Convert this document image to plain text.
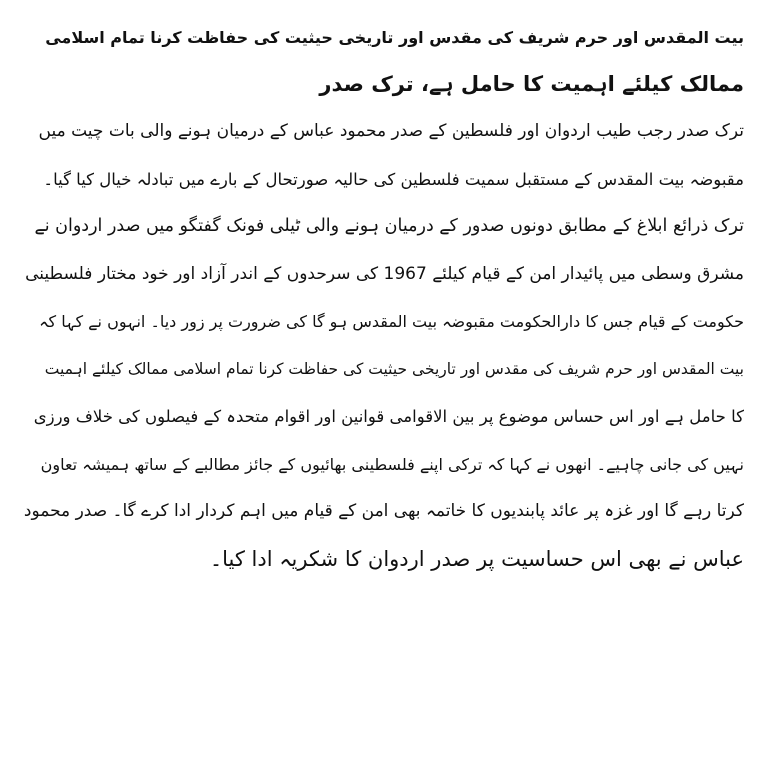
بیت المقدس اور حرم شریف کی مقدس اور تاریخی حیثیت کی حفاظت کرنا تمام اسلامی
ممالک کیلئے اہمیت کا حامل ہے، ترک صدر
ترک صدر رجب طیب اردوان اور فلسطین کے صدر محمود عباس کے درمیان ہونے والی بات چیت میں
مقبوضہ بیت المقدس کے مستقبل سمیت فلسطین کی حالیہ صورتحال کے بارے میں تبادلہ خیال کیا گیا۔
ترک ذرائع ابلاغ کے مطابق دونوں صدور کے درمیان ہونے والی ٹیلی فونک گفتگو میں صدر اردوان نے
مشرق وسطی میں پائیدار امن کے قیام کیلئے 1967 کی سرحدوں کے اندر آزاد اور خود مختار فلسطینی
حکومت کے قیام جس کا دارالحکومت مقبوضہ بیت المقدس ہو گا کی ضرورت پر زور دیا۔ انہوں نے کہا کہ
بیت المقدس اور حرم شریف کی مقدس اور تاریخی حیثیت کی حفاظت کرنا تمام اسلامی ممالک کیلئے اہمیت
کا حامل ہے اور اس حساس موضوع پر بین الاقوامی قوانین اور اقوام متحدہ کے فیصلوں کی خلاف ورزی
نہیں کی جانی چاہیے۔ انھوں نے کہا کہ ترکی اپنے فلسطینی بھائیوں کے جائز مطالبے کے ساتھ ہمیشہ تعاون
کرتا رہے گا اور غزہ پر عائد پابندیوں کا خاتمہ بھی امن کے قیام میں اہم کردار ادا کرے گا۔ صدر محمود
عباس نے بھی اس حساسیت پر صدر اردوان کا شکریہ ادا کیا۔
